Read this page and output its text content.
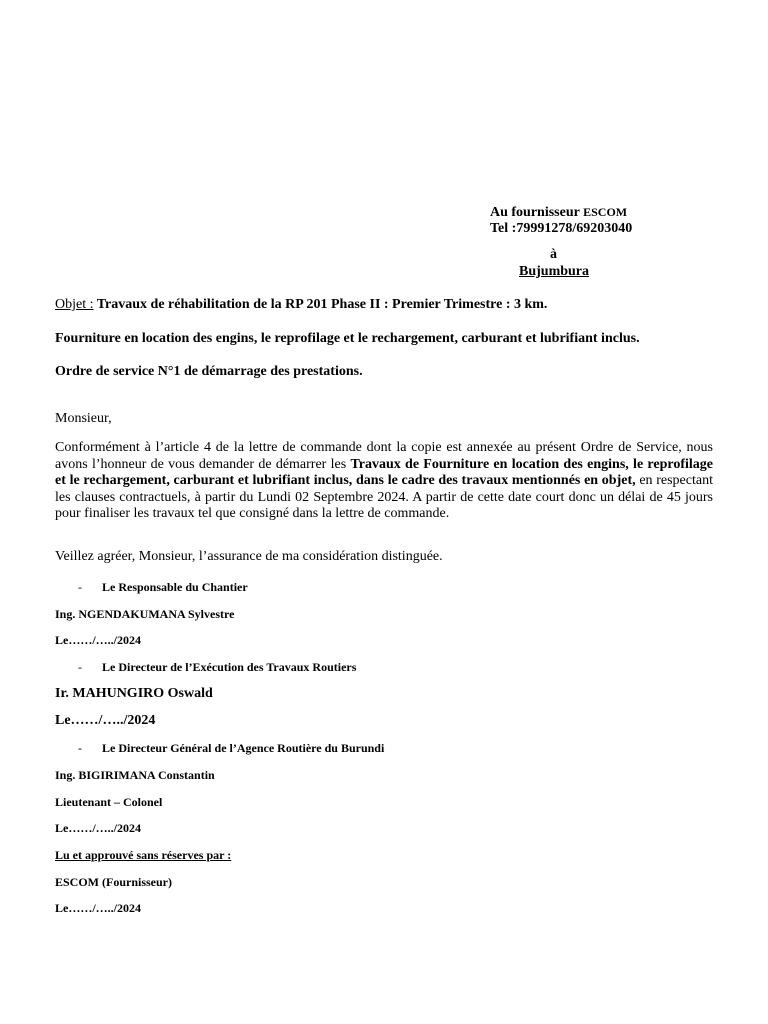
Au fournisseur ESCOM
Tel :79991278/69203040
à
Bujumbura
Objet : Travaux de réhabilitation de la RP 201 Phase II : Premier Trimestre : 3 km.
Fourniture en location des engins, le reprofilage et le rechargement, carburant et lubrifiant inclus.
Ordre de service N°1 de démarrage des prestations.
Monsieur,
Conformément à l’article 4 de la lettre de commande dont la copie est annexée au présent Ordre de Service, nous avons l’honneur de vous demander de démarrer les Travaux de Fourniture en location des engins, le reprofilage et le rechargement, carburant et lubrifiant inclus, dans le cadre des travaux mentionnés en objet, en respectant les clauses contractuels, à partir du Lundi 02 Septembre 2024. A partir de cette date court donc un délai de 45 jours pour finaliser les travaux tel que consigné dans la lettre de commande.
Veillez agréer, Monsieur, l’assurance de ma considération distinguée.
- Le Responsable du Chantier
Ing. NGENDAKUMANA Sylvestre
Le……/…../2024
- Le Directeur de l’Exécution des Travaux Routiers
Ir. MAHUNGIRO Oswald
Le……/…../2024
- Le Directeur Général de l’Agence Routière du Burundi
Ing. BIGIRIMANA Constantin
Lieutenant – Colonel
Le……/…../2024
Lu et approuvé sans réserves par :
ESCOM (Fournisseur)
Le……/…../2024
